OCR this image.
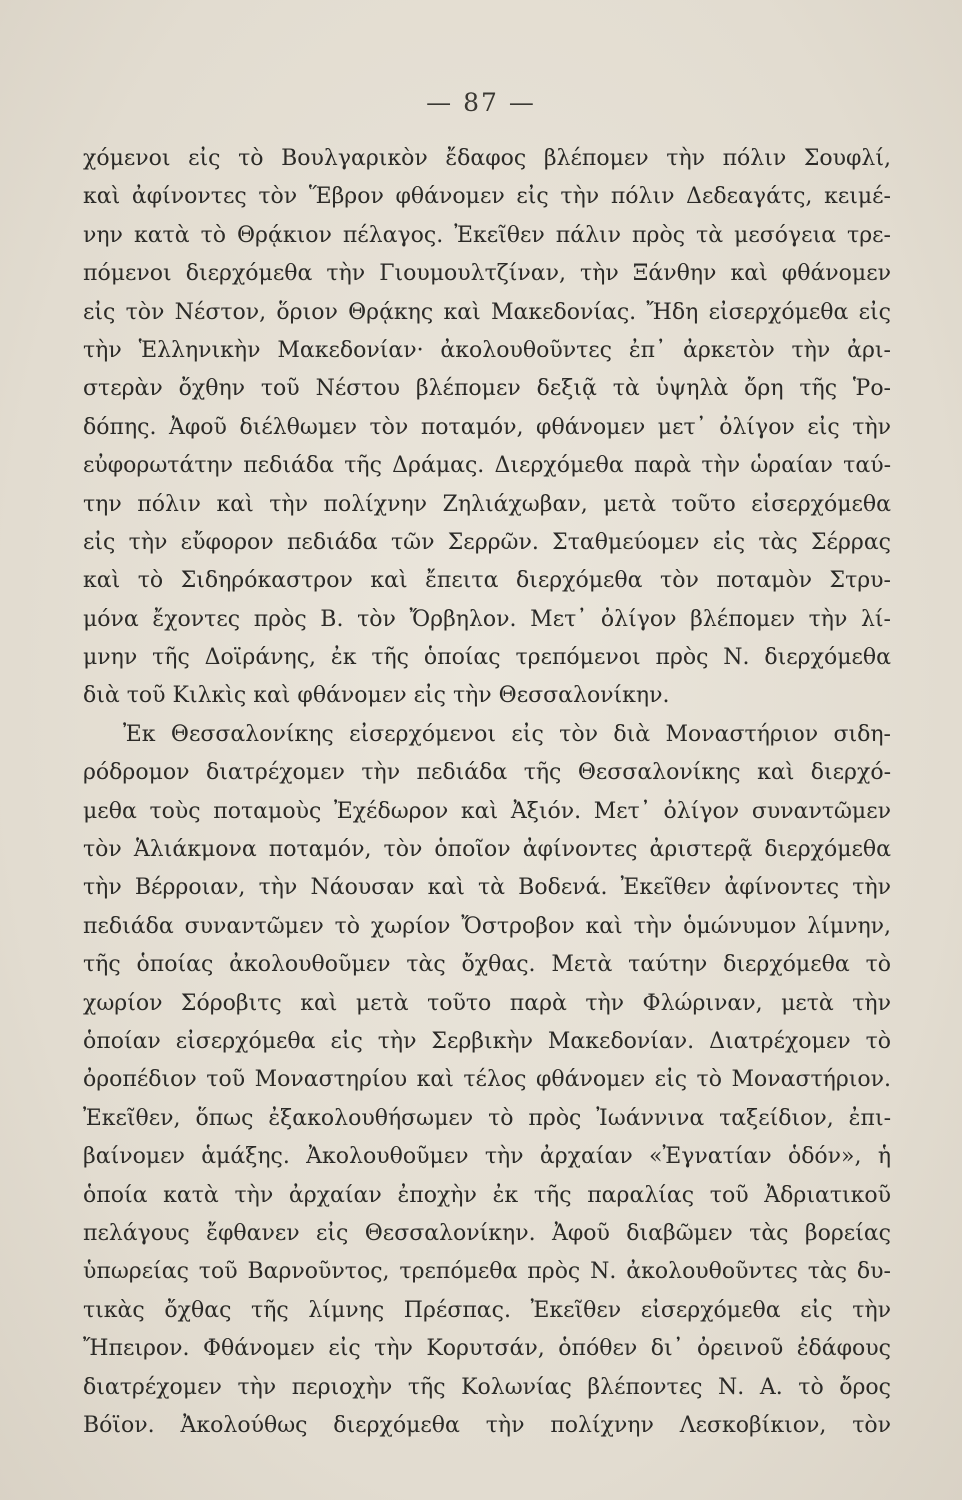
— 87 —
χόμενοι εἰς τὸ Βουλγαρικὸν ἔδαφος βλέπομεν τὴν πόλιν Σουφλί,
καὶ ἀφίνοντες τὸν Ἕβρον φθάνομεν εἰς τὴν πόλιν Δεδεαγάτς, κειμέ-
νην κατὰ τὸ Θρᾴκιον πέλαγος. Ἐκεῖθεν πάλιν πρὸς τὰ μεσόγεια τρε-
πόμενοι διερχόμεθα τὴν Γιουμουλτζίναν, τὴν Ξάνθην καὶ φθάνομεν
εἰς τὸν Νέστον, ὅριον Θρᾴκης καὶ Μακεδονίας. Ἤδη εἰσερχόμεθα εἰς
τὴν Ἑλληνικὴν Μακεδονίαν· ἀκολουθοῦντες ἐπ᾽ ἀρκετὸν τὴν ἀρι-
στερὰν ὄχθην τοῦ Νέστου βλέπομεν δεξιᾷ τὰ ὑψηλὰ ὄρη τῆς Ῥο-
δόπης. Ἀφοῦ διέλθωμεν τὸν ποταμόν, φθάνομεν μετ᾽ ὀλίγον εἰς τὴν
εὐφορωτάτην πεδιάδα τῆς Δράμας. Διερχόμεθα παρὰ τὴν ὡραίαν ταύ-
την πόλιν καὶ τὴν πολίχνην Ζηλιάχωβαν, μετὰ τοῦτο εἰσερχόμεθα
εἰς τὴν εὔφορον πεδιάδα τῶν Σερρῶν. Σταθμεύομεν εἰς τὰς Σέρρας
καὶ τὸ Σιδηρόκαστρον καὶ ἔπειτα διερχόμεθα τὸν ποταμὸν Στρυ-
μόνα ἔχοντες πρὸς Β. τὸν Ὄρβηλον. Μετ᾽ ὀλίγον βλέπομεν τὴν λί-
μνην τῆς Δοϊράνης, ἐκ τῆς ὁποίας τρεπόμενοι πρὸς Ν. διερχόμεθα
διὰ τοῦ Κιλκὶς καὶ φθάνομεν εἰς τὴν Θεσσαλονίκην.
Ἐκ Θεσσαλονίκης εἰσερχόμενοι εἰς τὸν διὰ Μοναστήριον σιδη-
ρόδρομον διατρέχομεν τὴν πεδιάδα τῆς Θεσσαλονίκης καὶ διερχό-
μεθα τοὺς ποταμοὺς Ἐχέδωρον καὶ Ἀξιόν. Μετ᾽ ὀλίγον συναντῶμεν
τὸν Ἁλιάκμονα ποταμόν, τὸν ὁποῖον ἀφίνοντες ἀριστερᾷ διερχόμεθα
τὴν Βέρροιαν, τὴν Νάουσαν καὶ τὰ Βοδενά. Ἐκεῖθεν ἀφίνοντες τὴν
πεδιάδα συναντῶμεν τὸ χωρίον Ὄστροβον καὶ τὴν ὁμώνυμον λίμνην,
τῆς ὁποίας ἀκολουθοῦμεν τὰς ὄχθας. Μετὰ ταύτην διερχόμεθα τὸ
χωρίον Σόροβιτς καὶ μετὰ τοῦτο παρὰ τὴν Φλώριναν, μετὰ τὴν
ὁποίαν εἰσερχόμεθα εἰς τὴν Σερβικὴν Μακεδονίαν. Διατρέχομεν τὸ
ὀροπέδιον τοῦ Μοναστηρίου καὶ τέλος φθάνομεν εἰς τὸ Μοναστήριον.
Ἐκεῖθεν, ὅπως ἐξακολουθήσωμεν τὸ πρὸς Ἰωάννινα ταξείδιον, ἐπι-
βαίνομεν ἁμάξης. Ἀκολουθοῦμεν τὴν ἀρχαίαν «Ἐγνατίαν ὁδόν», ἡ
ὁποία κατὰ τὴν ἀρχαίαν ἐποχὴν ἐκ τῆς παραλίας τοῦ Ἀδριατικοῦ
πελάγους ἔφθανεν εἰς Θεσσαλονίκην. Ἀφοῦ διαβῶμεν τὰς βορείας
ὑπωρείας τοῦ Βαρνοῦντος, τρεπόμεθα πρὸς Ν. ἀκολουθοῦντες τὰς δυ-
τικὰς ὄχθας τῆς λίμνης Πρέσπας. Ἐκεῖθεν εἰσερχόμεθα εἰς τὴν
Ἤπειρον. Φθάνομεν εἰς τὴν Κορυτσάν, ὁπόθεν δι᾽ ὀρεινοῦ ἐδάφους
διατρέχομεν τὴν περιοχὴν τῆς Κολωνίας βλέποντες Ν. Α. τὸ ὄρος
Βόϊον. Ἀκολούθως διερχόμεθα τὴν πολίχνην Λεσκοβίκιον, τὸν
